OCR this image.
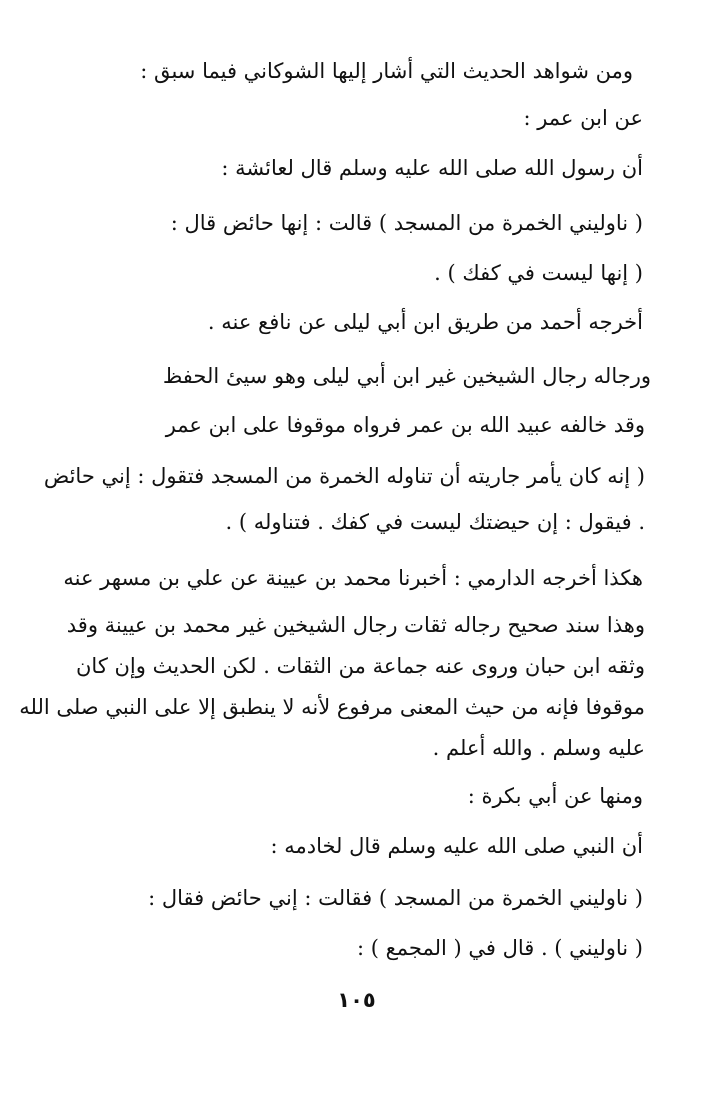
ومن شواهد الحديث التي أشار إليها الشوكاني فيما سبق :
عن ابن عمر :
أن رسول الله صلى الله عليه وسلم قال لعائشة :
( ناوليني الخمرة من المسجد ) قالت : إنها حائض قال :
( إنها ليست في كفك ) .
أخرجه أحمد من طريق ابن أبي ليلى عن نافع عنه .
ورجاله رجال الشيخين غير ابن أبي ليلى وهو سيئ الحفظ
وقد خالفه عبيد الله بن عمر فرواه موقوفا على ابن عمر
( إنه كان يأمر جاريته أن تناوله الخمرة من المسجد فتقول : إني حائض
. فيقول : إن حيضتك ليست في كفك . فتناوله ) .
هكذا أخرجه الدارمي : أخبرنا محمد بن عيينة عن علي بن مسهر عنه
وهذا سند صحيح رجاله ثقات رجال الشيخين غير محمد بن عيينة وقد
وثقه ابن حبان وروى عنه جماعة من الثقات . لكن الحديث وإن كان
موقوفا فإنه من حيث المعنى مرفوع لأنه لا ينطبق إلا على النبي صلى الله
عليه وسلم . والله أعلم .
ومنها عن أبي بكرة :
أن النبي صلى الله عليه وسلم قال لخادمه :
( ناوليني الخمرة من المسجد ) فقالت : إني حائض فقال :
( ناوليني ) . قال في ( المجمع ) :
١٠٥
